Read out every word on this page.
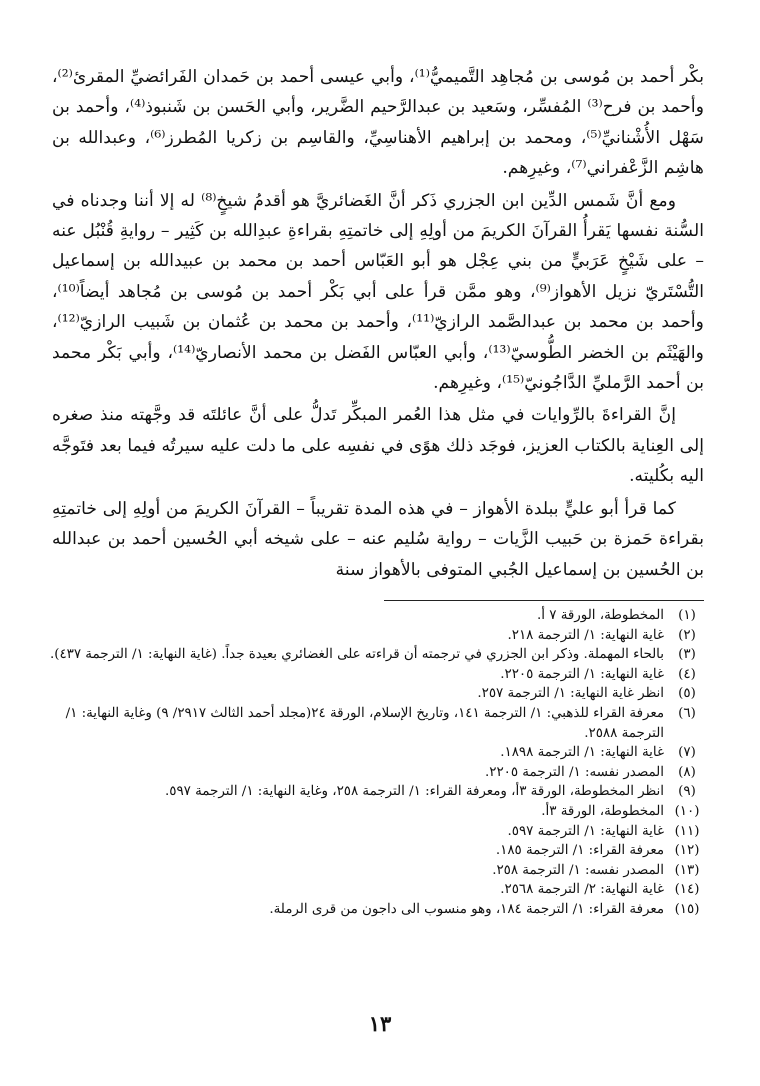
بكْر أحمد بن مُوسى بن مُجاهِد التَّميميُّ⁽¹⁾، وأبي عيسى أحمد بن حَمدان الفَرائضيِّ المقرئ⁽²⁾، وأحمد بن فرح⁽³⁾ المُفسِّر، وسَعيد بن عبدالرَّحيم الضَّرير، وأبي الحَسن بن شَنبوذ⁽⁴⁾، وأحمد بن سَهْل الأُشْنانيِّ⁽⁵⁾، ومحمد بن إبراهيم الأهناسِيِّ، والقاسِم بن زكريا المُطرز⁽⁶⁾، وعبدالله بن هاشِم الزَّعْفراني⁽⁷⁾، وغيرِهم.

ومع أنَّ شَمس الدِّين ابن الجزري ذَكر أنَّ الغَضائريَّ هو أقدمُ شيخٍ⁽⁸⁾ له إلا أننا وجدناه في السُّنة نفسها يَقرأُ القرآنَ الكريمَ من أولِهِ إلى خاتمتِهِ بقراءةِ عبدِالله بن كَثِير – روايةِ قُنْبُل عنه – على شَيْخٍ عَرَبيٍّ من بني عِجْل هو أبو العَبّاس أحمد بن محمد بن عبيدالله بن إسماعيل التُّسْتَريّ نزيل الأهواز⁽⁹⁾، وهو ممَّن قرأ على أبي بَكْر أحمد بن مُوسى بن مُجاهد أيضاً⁽¹⁰⁾، وأحمد بن محمد بن عبدالصَّمد الرازيّ⁽¹¹⁾، وأحمد بن محمد بن عُثمان بن شَبيب الرازيّ⁽¹²⁾، والهَيْثَم بن الخضر الطُّوسيّ⁽¹³⁾، وأبي العبّاس الفَضل بن محمد الأنصاريّ⁽¹⁴⁾، وأبي بَكْر محمد بن أحمد الرَّمليِّ الدَّاجُونيّ⁽¹⁵⁾، وغيرِهم.

إنَّ القراءةَ بالرِّوايات في مثل هذا العُمر المبكِّر تَدلُّ على أنَّ عائلتَه قد وجَّهته منذ صغره إلى العِناية بالكتاب العزيز، فوجَد ذلك هوًى في نفسِه على ما دلت عليه سيرتُه فيما بعد فتَوجَّه اليه بكُليته.

كما قرأ أبو عليٍّ ببلدة الأهواز – في هذه المدة تقريباً – القرآنَ الكريمَ من أولِهِ إلى خاتمتِهِ بقراءة حَمزة بن حَبيب الزَّيات – رواية سُليم عنه – على شيخه أبي الحُسين أحمد بن عبدالله بن الحُسين بن إسماعيل الجُبي المتوفى بالأهواز سنة

(١)
المخطوطة، الورقة ٧ أ.
(٢)
غاية النهاية: ١/ الترجمة ٢١٨.
(٣)
بالحاء المهملة. وذكر ابن الجزري في ترجمته أن قراءته على الغضائري بعيدة جداً. (غاية النهاية: ١/ الترجمة ٤٣٧).
(٤)
غاية النهاية: ١/ الترجمة ٢٢٠٥.
(٥)
انظر غاية النهاية: ١/ الترجمة ٢٥٧.
(٦)
معرفة القراء للذهبي: ١/ الترجمة ١٤١، وتاريخ الإسلام، الورقة ٢٤(مجلد أحمد الثالث ٢٩١٧/ ٩) وغاية النهاية: ١/ الترجمة ٢٥٨٨.
(٧)
غاية النهاية: ١/ الترجمة ١٨٩٨.
(٨)
المصدر نفسه: ١/ الترجمة ٢٢٠٥.
(٩)
انظر المخطوطة، الورقة ٣أ، ومعرفة القراء: ١/ الترجمة ٢٥٨، وغاية النهاية: ١/ الترجمة ٥٩٧.
(١٠)
المخطوطة، الورقة ٣أ.
(١١)
غاية النهاية: ١/ الترجمة ٥٩٧.
(١٢)
معرفة القراء: ١/ الترجمة ١٨٥.
(١٣)
المصدر نفسه: ١/ الترجمة ٢٥٨.
(١٤)
غاية النهاية: ٢/ الترجمة ٢٥٦٨.
(١٥)
معرفة القراء: ١/ الترجمة ١٨٤، وهو منسوب الى داجون من قرى الرملة.
١٣
